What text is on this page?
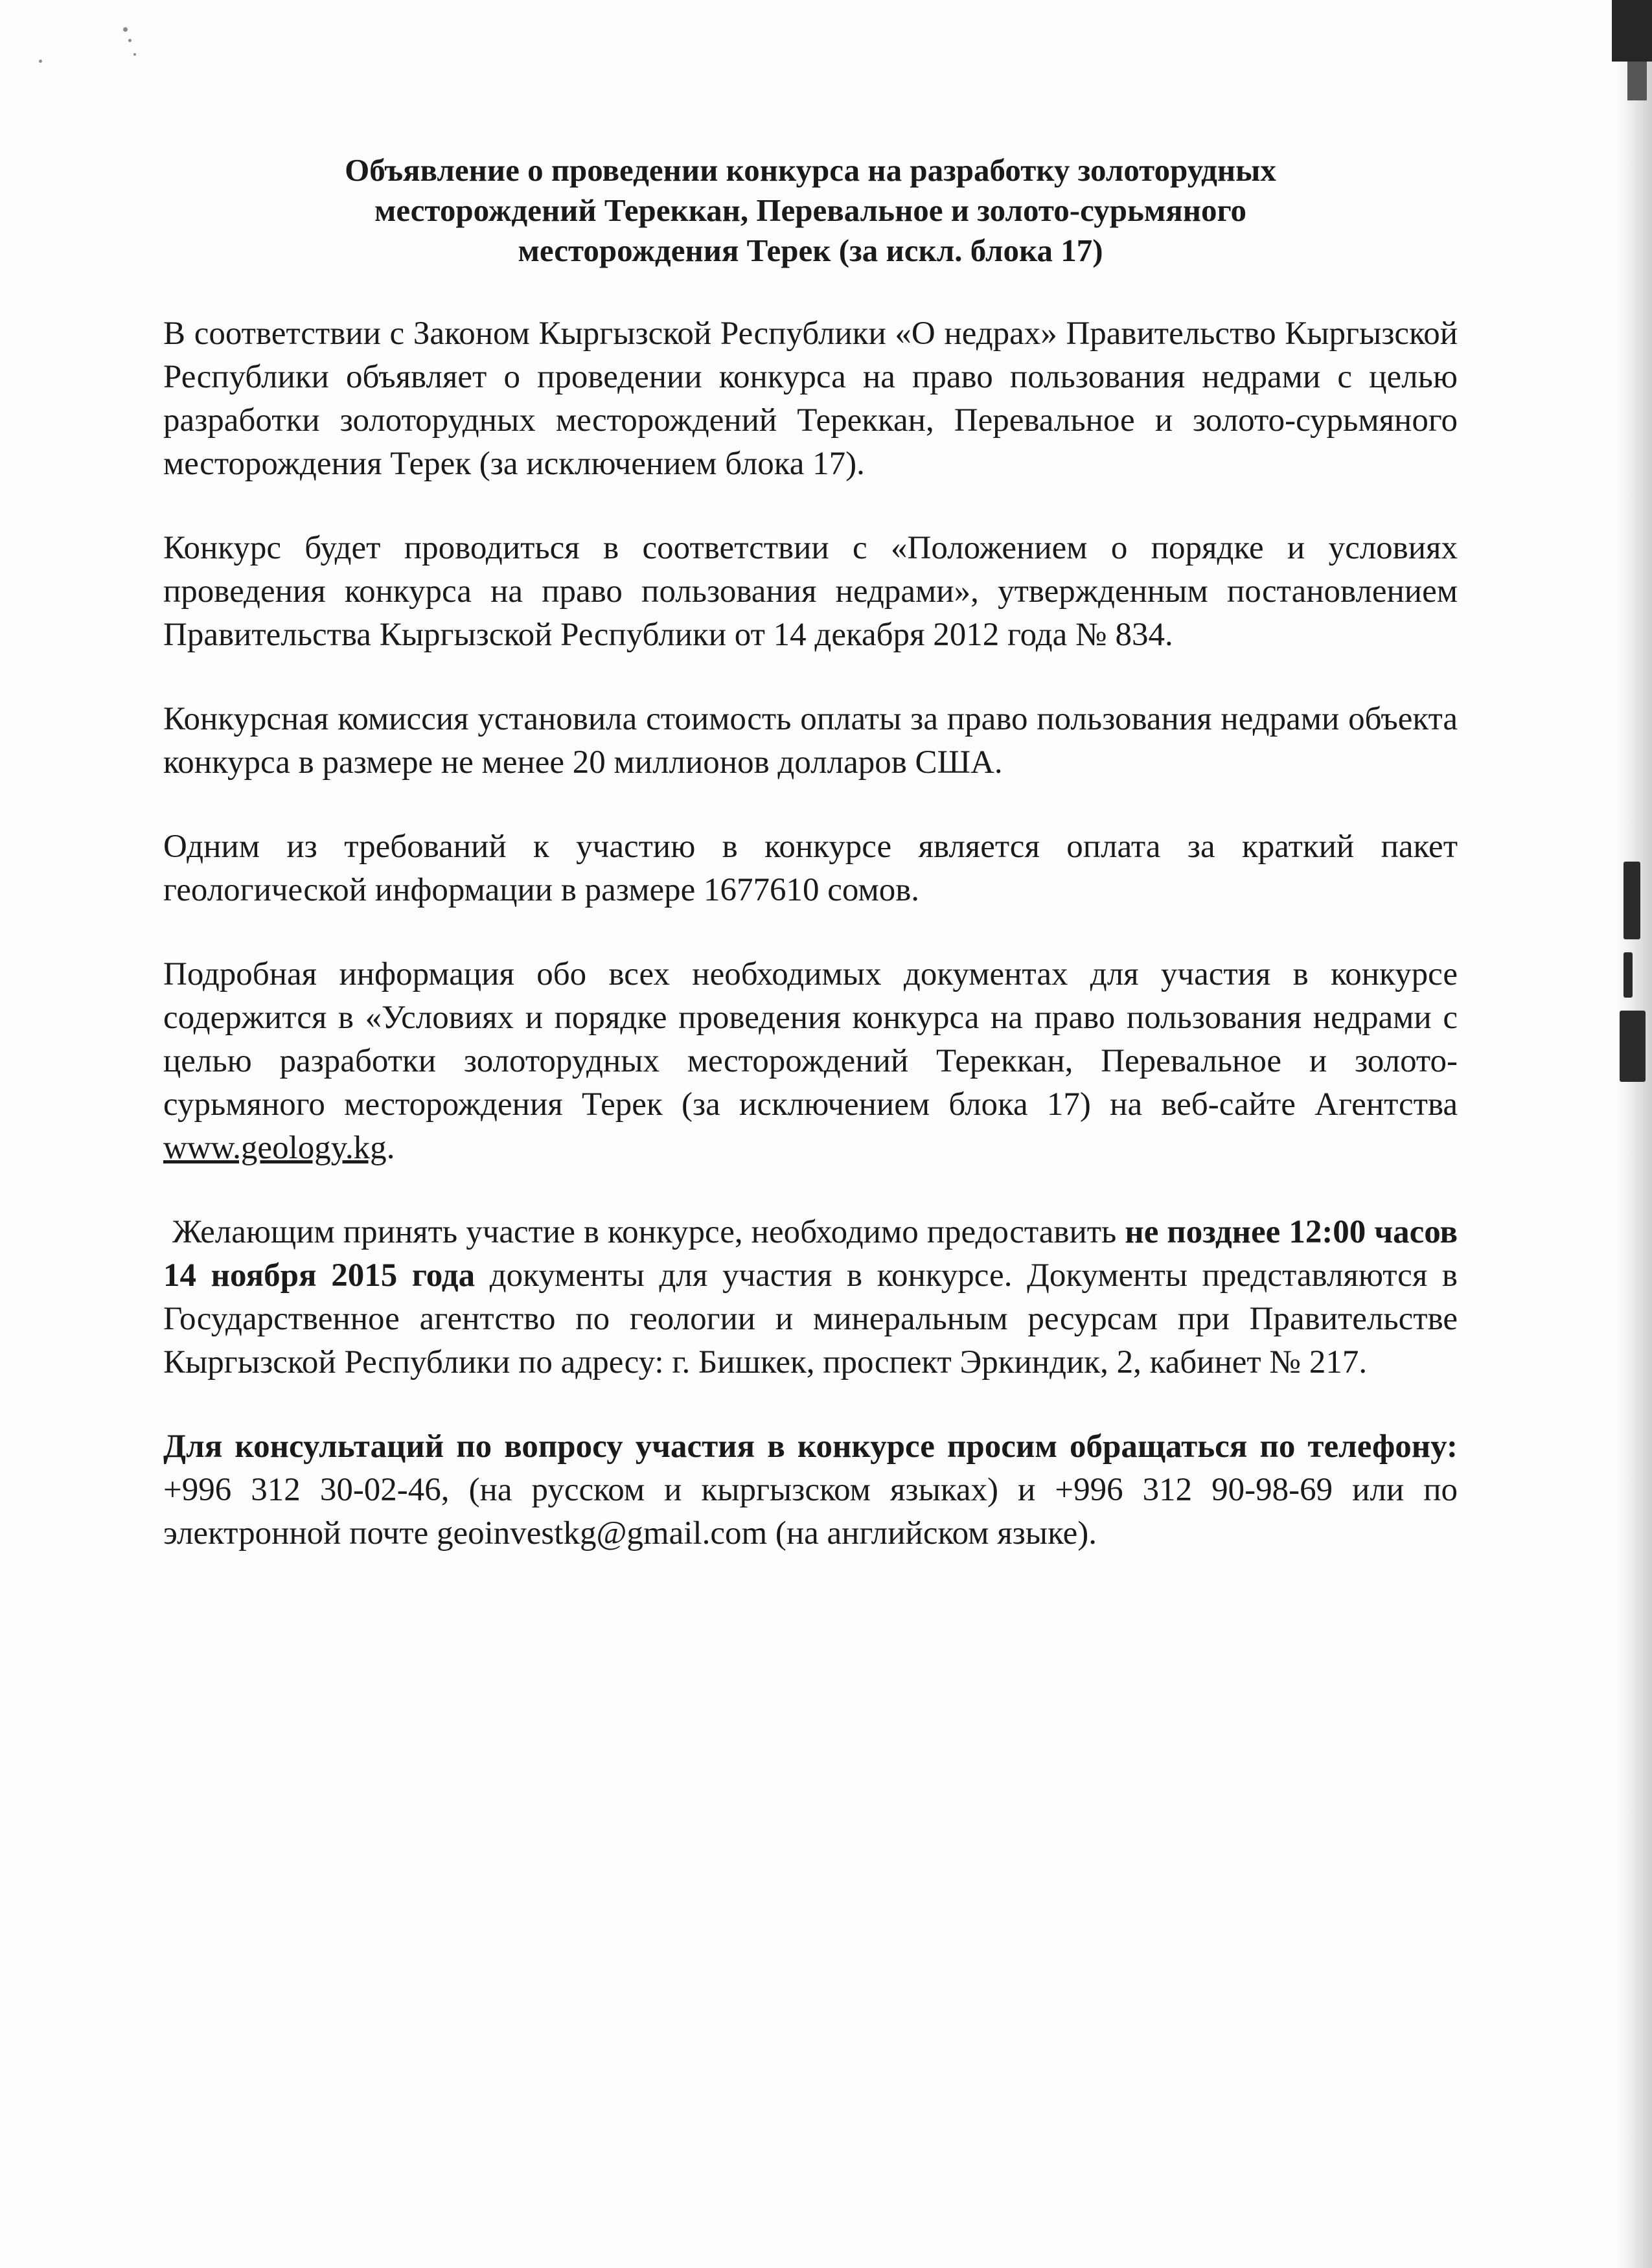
Объявление о проведении конкурса на разработку золоторудных
месторождений Тереккан, Перевальное и золото-сурьмяного
месторождения Терек (за искл. блока 17)

В соответствии с Законом Кыргызской Республики «О недрах» Правительство Кыргызской Республики объявляет о проведении конкурса на право пользования недрами с целью разработки золоторудных месторождений Тереккан, Перевальное и золото-сурьмяного месторождения Терек (за исключением блока 17).

Конкурс будет проводиться в соответствии с «Положением о порядке и условиях проведения конкурса на право пользования недрами», утвержденным постановлением Правительства Кыргызской Республики от 14 декабря 2012 года № 834.

Конкурсная комиссия установила стоимость оплаты за право пользования недрами объекта конкурса в размере не менее 20 миллионов долларов США.

Одним из требований к участию в конкурсе является оплата за краткий пакет геологической информации в размере 1677610 сомов.

Подробная информация обо всех необходимых документах для участия в конкурсе содержится в «Условиях и порядке проведения конкурса на право пользования недрами с целью разработки золоторудных месторождений Тереккан, Перевальное и золото-сурьмяного месторождения Терек (за исключением блока 17) на веб-сайте Агентства www.geology.kg.

Желающим принять участие в конкурсе, необходимо предоставить не позднее 12:00 часов 14 ноября 2015 года документы для участия в конкурсе. Документы представляются в Государственное агентство по геологии и минеральным ресурсам при Правительстве Кыргызской Республики по адресу: г. Бишкек, проспект Эркиндик, 2, кабинет № 217.

Для консультаций по вопросу участия в конкурсе просим обращаться по телефону: +996 312 30-02-46, (на русском и кыргызском языках) и +996 312 90-98-69 или по электронной почте geoinvestkg@gmail.com (на английском языке).
